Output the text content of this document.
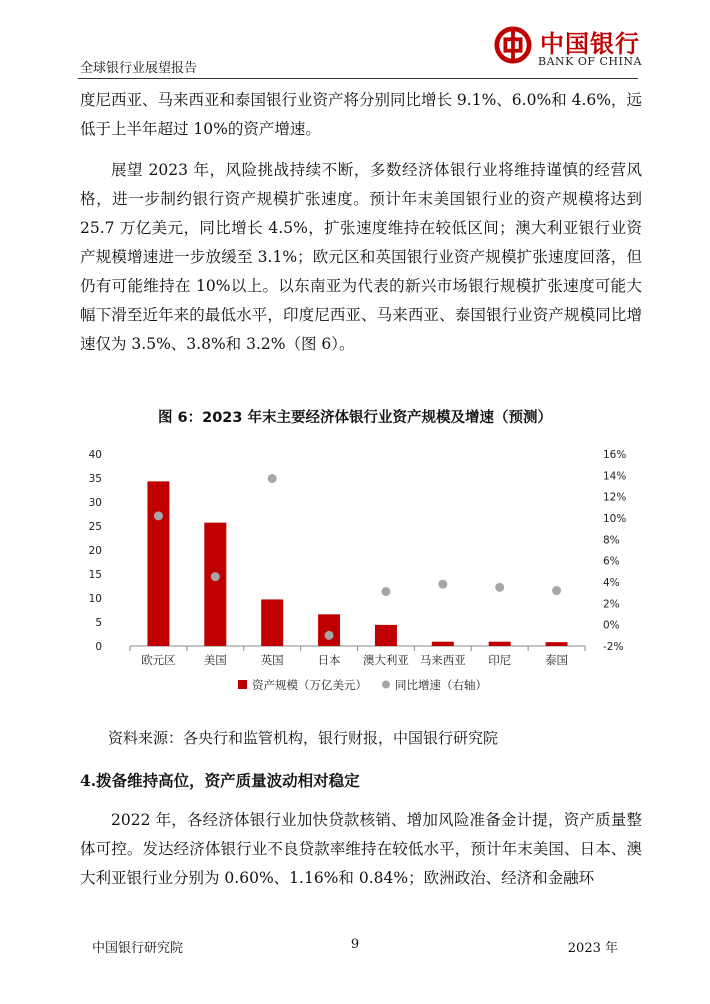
全球银行业展望报告
中国银行
BANK OF CHINA
度尼西亚、马来西亚和泰国银行业资产将分别同比增长 9.1%、6.0%和 4.6%，远低于上半年超过 10%的资产增速。
展望 2023 年，风险挑战持续不断，多数经济体银行业将维持谨慎的经营风格，进一步制约银行资产规模扩张速度。预计年末美国银行业的资产规模将达到 25.7 万亿美元，同比增长 4.5%，扩张速度维持在较低区间；澳大利亚银行业资产规模增速进一步放缓至 3.1%；欧元区和英国银行业资产规模扩张速度回落，但仍有可能维持在 10%以上。以东南亚为代表的新兴市场银行规模扩张速度可能大幅下滑至近年来的最低水平，印度尼西亚、马来西亚、泰国银行业资产规模同比增速仅为 3.5%、3.8%和 3.2%（图 6）。
图 6：2023 年末主要经济体银行业资产规模及增速（预测）
0
5
10
15
20
25
30
35
40
-2%
0%
2%
4%
6%
8%
10%
12%
14%
16%
欧元区 美国	英国	日本 澳大利亚 马来西亚 印尼	泰国
资产规模（万亿美元） 同比增速（右轴）
资料来源：各央行和监管机构，银行财报，中国银行研究院
4.拨备维持高位，资产质量波动相对稳定
2022 年，各经济体银行业加快贷款核销、增加风险准备金计提，资产质量整体可控。发达经济体银行业不良贷款率维持在较低水平，预计年末美国、日本、澳大利亚银行业分别为 0.60%、1.16%和 0.84%；欧洲政治、经济和金融环
中国银行研究院	9	2023 年
